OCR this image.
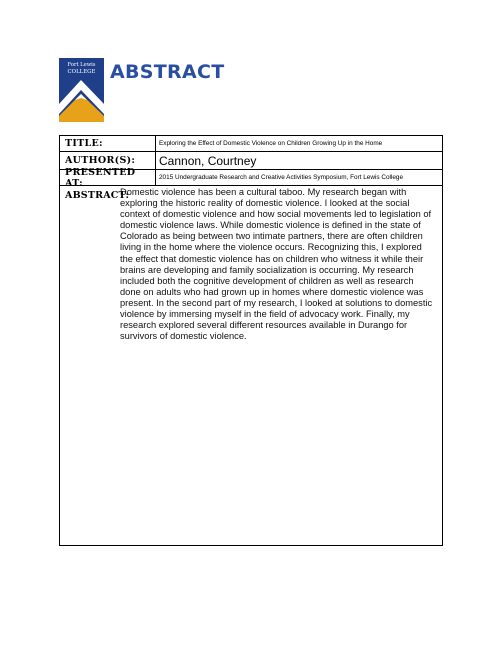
Fort Lewis
COLLEGE ABSTRACT
TITLE:	Exploring the Effect of Domestic Violence on Children Growing Up in the Home
AUTHOR(S):	Cannon, Courtney
PRESENTED AT:	2015 Undergraduate Research and Creative Activities Symposium, Fort Lewis College
ABSTRACT:
Domestic violence has been a cultural taboo. My research began with exploring the historic reality of domestic violence. I looked at the social context of domestic violence and how social movements led to legislation of domestic violence laws. While domestic violence is defined in the state of Colorado as being between two intimate partners, there are often children living in the home where the violence occurs. Recognizing this, I explored the effect that domestic violence has on children who witness it while their brains are developing and family socialization is occurring. My research included both the cognitive development of children as well as research done on adults who had grown up in homes where domestic violence was present. In the second part of my research, I looked at solutions to domestic violence by immersing myself in the field of advocacy work. Finally, my research explored several different resources available in Durango for survivors of domestic violence.
